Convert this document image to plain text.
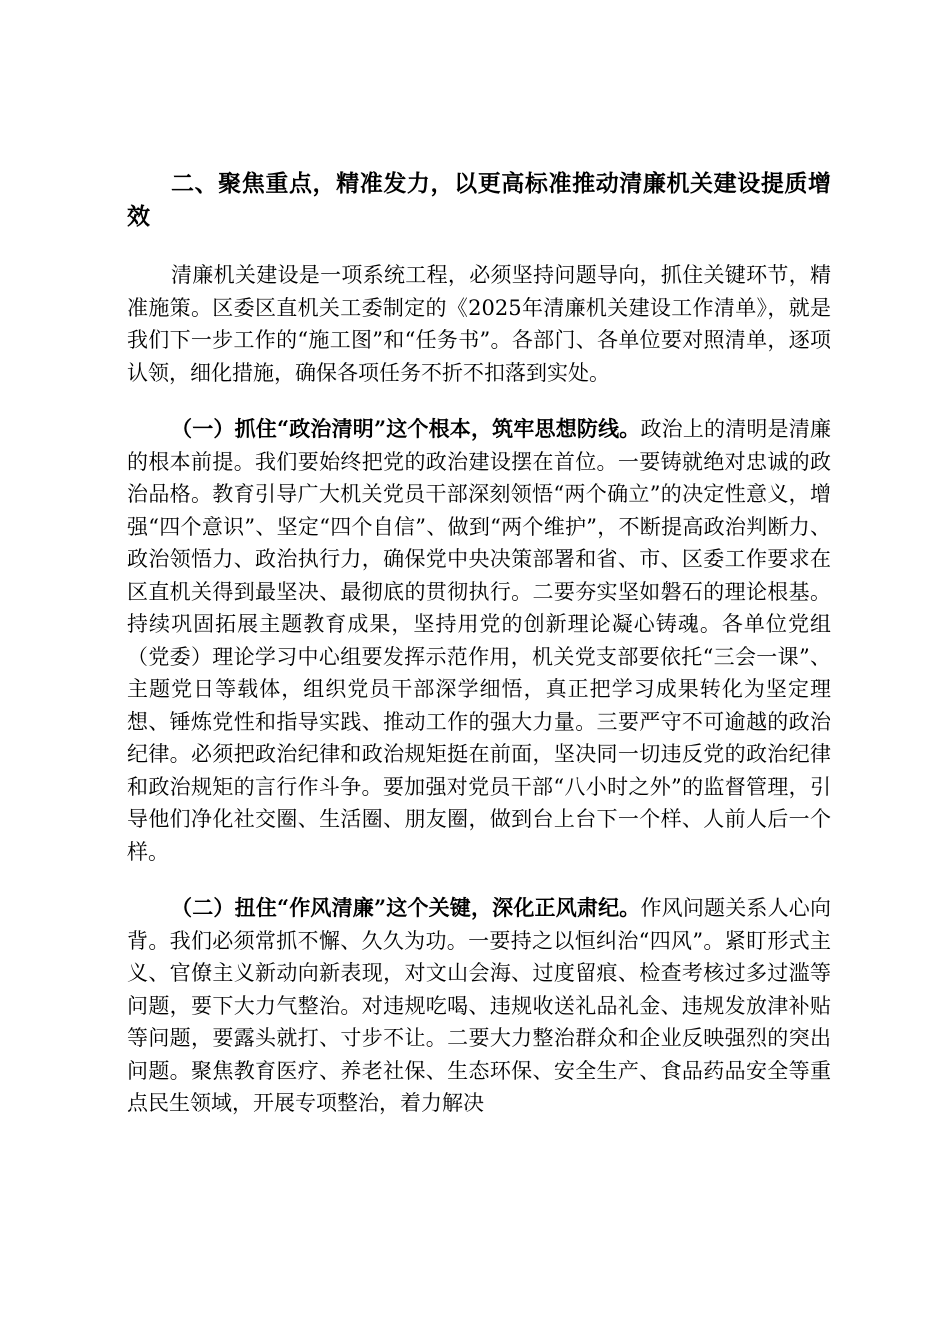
二、聚焦重点，精准发力，以更高标准推动清廉机关建设提质增效

清廉机关建设是一项系统工程，必须坚持问题导向，抓住关键环节，精准施策。区委区直机关工委制定的《2025年清廉机关建设工作清单》，就是我们下一步工作的“施工图”和“任务书”。各部门、各单位要对照清单，逐项认领，细化措施，确保各项任务不折不扣落到实处。

（一）抓住“政治清明”这个根本，筑牢思想防线。政治上的清明是清廉的根本前提。我们要始终把党的政治建设摆在首位。一要铸就绝对忠诚的政治品格。教育引导广大机关党员干部深刻领悟“两个确立”的决定性意义，增强“四个意识”、坚定“四个自信”、做到“两个维护”，不断提高政治判断力、政治领悟力、政治执行力，确保党中央决策部署和省、市、区委工作要求在区直机关得到最坚决、最彻底的贯彻执行。二要夯实坚如磐石的理论根基。持续巩固拓展主题教育成果，坚持用党的创新理论凝心铸魂。各单位党组（党委）理论学习中心组要发挥示范作用，机关党支部要依托“三会一课”、主题党日等载体，组织党员干部深学细悟，真正把学习成果转化为坚定理想、锤炼党性和指导实践、推动工作的强大力量。三要严守不可逾越的政治纪律。必须把政治纪律和政治规矩挺在前面，坚决同一切违反党的政治纪律和政治规矩的言行作斗争。要加强对党员干部“八小时之外”的监督管理，引导他们净化社交圈、生活圈、朋友圈，做到台上台下一个样、人前人后一个样。

（二）扭住“作风清廉”这个关键，深化正风肃纪。作风问题关系人心向背。我们必须常抓不懈、久久为功。一要持之以恒纠治“四风”。紧盯形式主义、官僚主义新动向新表现，对文山会海、过度留痕、检查考核过多过滥等问题，要下大力气整治。对违规吃喝、违规收送礼品礼金、违规发放津补贴等问题，要露头就打、寸步不让。二要大力整治群众和企业反映强烈的突出问题。聚焦教育医疗、养老社保、生态环保、安全生产、食品药品安全等重点民生领域，开展专项整治，着力解决
